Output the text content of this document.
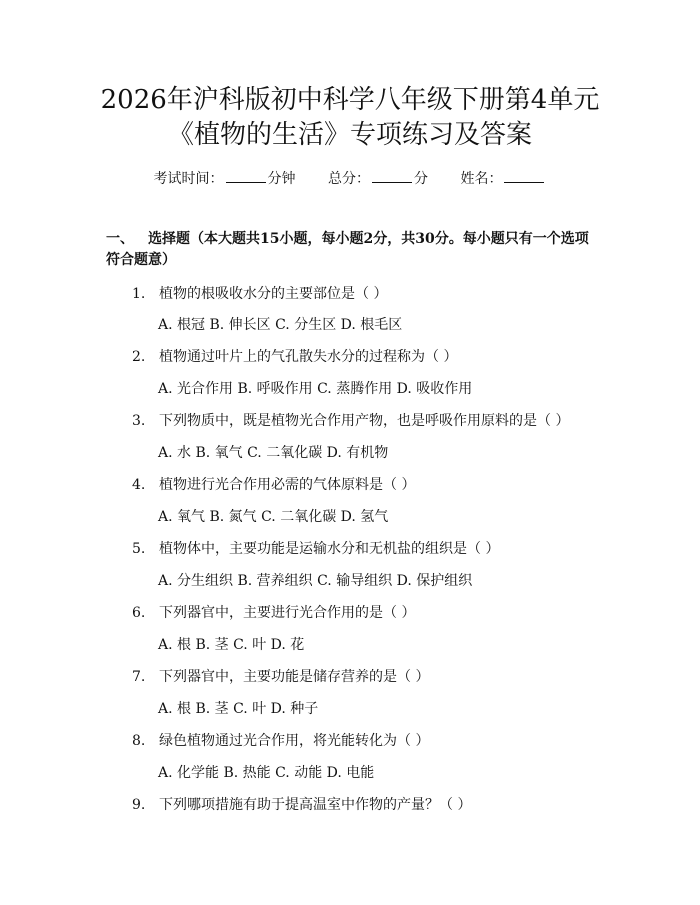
2026年沪科版初中科学八年级下册第4单元
《植物的生活》专项练习及答案
考试时间：	分钟 总分：	分 姓名：
一、 选择题（本大题共15小题，每小题2分，共30分。每小题只有一个选项符合题意）
1. 植物的根吸收水分的主要部位是（ ）
A. 根冠 B. 伸长区 C. 分生区 D. 根毛区
2. 植物通过叶片上的气孔散失水分的过程称为（ ）
A. 光合作用 B. 呼吸作用 C. 蒸腾作用 D. 吸收作用
3. 下列物质中，既是植物光合作用产物，也是呼吸作用原料的是（ ）
A. 水 B. 氧气 C. 二氧化碳 D. 有机物
4. 植物进行光合作用必需的气体原料是（ ）
A. 氧气 B. 氮气 C. 二氧化碳 D. 氢气
5. 植物体中，主要功能是运输水分和无机盐的组织是（ ）
A. 分生组织 B. 营养组织 C. 输导组织 D. 保护组织
6. 下列器官中，主要进行光合作用的是（ ）
A. 根 B. 茎 C. 叶 D. 花
7. 下列器官中，主要功能是储存营养的是（ ）
A. 根 B. 茎 C. 叶 D. 种子
8. 绿色植物通过光合作用，将光能转化为（ ）
A. 化学能 B. 热能 C. 动能 D. 电能
9. 下列哪项措施有助于提高温室中作物的产量？（ ）
